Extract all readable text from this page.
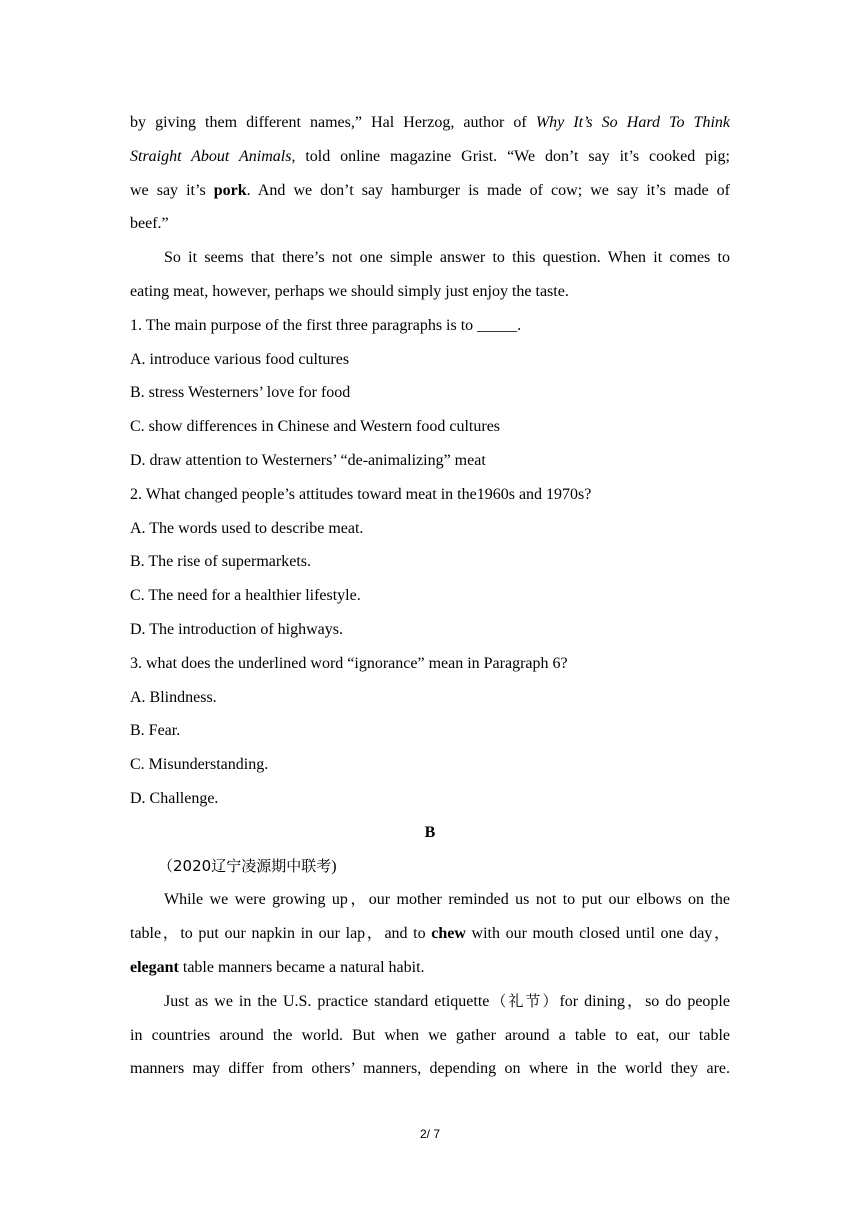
by giving them different names,” Hal Herzog, author of Why It’s So Hard To Think

Straight About Animals, told online magazine Grist. “We don’t say it’s cooked pig;

we say it’s pork. And we don’t say hamburger is made of cow; we say it’s made of

beef.”

So it seems that there’s not one simple answer to this question. When it comes to

eating meat, however, perhaps we should simply just enjoy the taste.

1. The main purpose of the first three paragraphs is to _____.

A. introduce various food cultures

B. stress Westerners’ love for food

C. show differences in Chinese and Western food cultures

D. draw attention to Westerners’ “de-animalizing” meat

2. What changed people’s attitudes toward meat in the1960s and 1970s?

A. The words used to describe meat.

B. The rise of supermarkets.

C. The need for a healthier lifestyle.

D. The introduction of highways.

3. what does the underlined word “ignorance” mean in Paragraph 6?

A. Blindness.

B. Fear.

C. Misunderstanding.

D. Challenge.

B

（2020辽宁凌源期中联考)

While we were growing up，our mother reminded us not to put our elbows on the

table，to put our napkin in our lap，and to chew with our mouth closed until one day，

elegant table manners became a natural habit.

Just as we in the U.S. practice standard etiquette（礼节）for dining，so do people

in countries around the world. But when we gather around a table to eat, our table

manners may differ from others’ manners, depending on where in the world they are.

2/ 7
